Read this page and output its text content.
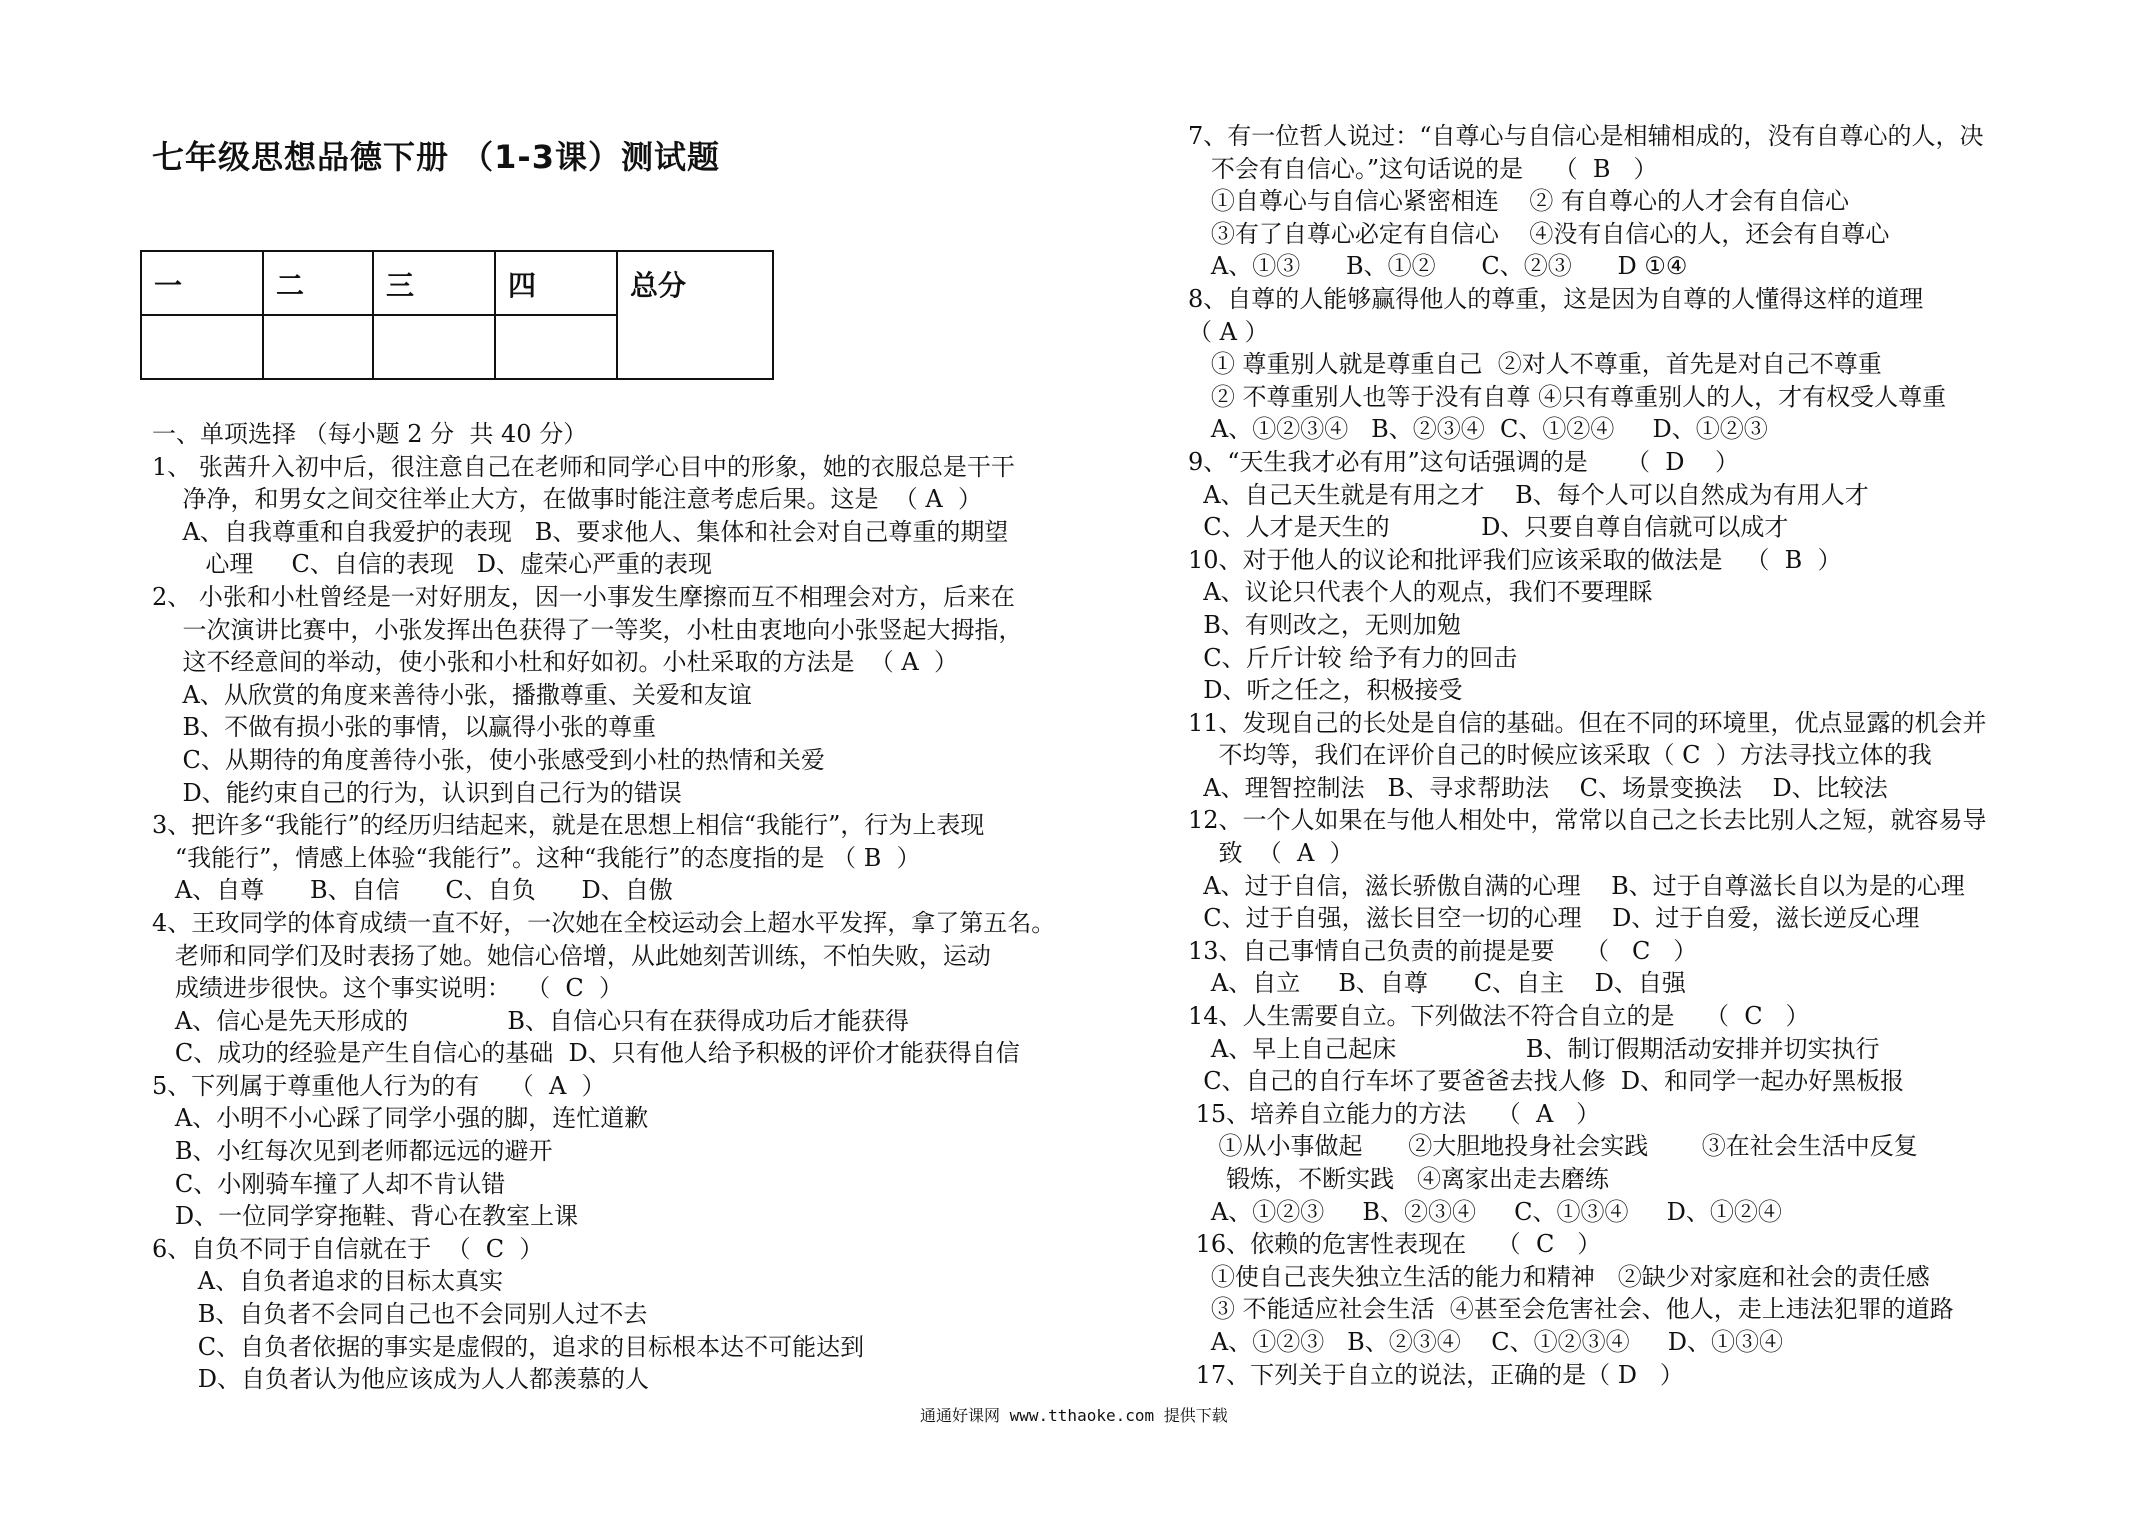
七年级思想品德下册 （1-3课）测试题
一	二	三	四	总分

一、单项选择 （每小题 2 分  共 40 分）
1、 张茜升入初中后，很注意自己在老师和同学心目中的形象，她的衣服总是干干
净净，和男女之间交往举止大方，在做事时能注意考虑后果。这是  （ A  ）
A、自我尊重和自我爱护的表现   B、要求他人、集体和社会对自己尊重的期望
心理     C、自信的表现   D、虚荣心严重的表现
2、 小张和小杜曾经是一对好朋友，因一小事发生摩擦而互不相理会对方，后来在
一次演讲比赛中，小张发挥出色获得了一等奖，小杜由衷地向小张竖起大拇指，
这不经意间的举动，使小张和小杜和好如初。小杜采取的方法是  （ A  ）
A、从欣赏的角度来善待小张，播撒尊重、关爱和友谊
B、不做有损小张的事情，以赢得小张的尊重
C、从期待的角度善待小张，使小张感受到小杜的热情和关爱
D、能约束自己的行为，认识到自己行为的错误
3、把许多“我能行”的经历归结起来，就是在思想上相信“我能行”，行为上表现
“我能行”，情感上体验“我能行”。这种“我能行”的态度指的是 （ B  ）
A、自尊      B、自信      C、自负      D、自傲
4、王玫同学的体育成绩一直不好，一次她在全校运动会上超水平发挥，拿了第五名。
老师和同学们及时表扬了她。她信心倍增，从此她刻苦训练，不怕失败，运动
成绩进步很快。这个事实说明：  （  C  ）
A、信心是先天形成的             B、自信心只有在获得成功后才能获得
C、成功的经验是产生自信心的基础  D、只有他人给予积极的评价才能获得自信
5、下列属于尊重他人行为的有    （  A  ）
A、小明不小心踩了同学小强的脚，连忙道歉
B、小红每次见到老师都远远的避开
C、小刚骑车撞了人却不肯认错
D、一位同学穿拖鞋、背心在教室上课
6、自负不同于自信就在于  （  C  ）
A、自负者追求的目标太真实
B、自负者不会同自己也不会同别人过不去
C、自负者依据的事实是虚假的，追求的目标根本达不可能达到
D、自负者认为他应该成为人人都羡慕的人
7、有一位哲人说过：“自尊心与自信心是相辅相成的，没有自尊心的人，决
不会有自信心。”这句话说的是    （  B   ）
①自尊心与自信心紧密相连    ② 有自尊心的人才会有自信心
③有了自尊心必定有自信心    ④没有自信心的人，还会有自尊心
A、①③      B、①②      C、②③      D ①④
8、自尊的人能够赢得他人的尊重，这是因为自尊的人懂得这样的道理
（ A ）
① 尊重别人就是尊重自己  ②对人不尊重，首先是对自己不尊重
② 不尊重别人也等于没有自尊 ④只有尊重别人的人，才有权受人尊重
A、①②③④   B、②③④  C、①②④     D、①②③
9、“天生我才必有用”这句话强调的是     （  D    ）
A、自己天生就是有用之才    B、每个人可以自然成为有用人才
C、人才是天生的            D、只要自尊自信就可以成才
10、对于他人的议论和批评我们应该采取的做法是   （  B  ）
A、议论只代表个人的观点，我们不要理睬
B、有则改之，无则加勉
C、斤斤计较 给予有力的回击
D、听之任之，积极接受
11、发现自己的长处是自信的基础。但在不同的环境里，优点显露的机会并
不均等，我们在评价自己的时候应该采取（ C  ）方法寻找立体的我
A、理智控制法   B、寻求帮助法    C、场景变换法    D、比较法
12、一个人如果在与他人相处中，常常以自己之长去比别人之短，就容易导
致  （  A  ）
A、过于自信，滋长骄傲自满的心理    B、过于自尊滋长自以为是的心理
C、过于自强，滋长目空一切的心理    D、过于自爱，滋长逆反心理
13、自己事情自己负责的前提是要    （   C   ）
A、自立     B、自尊      C、自主    D、自强
14、人生需要自立。下列做法不符合自立的是    （  C   ）
A、早上自己起床                 B、制订假期活动安排并切实执行
C、自己的自行车坏了要爸爸去找人修  D、和同学一起办好黑板报
15、培养自立能力的方法    （  A   ）
①从小事做起      ②大胆地投身社会实践       ③在社会生活中反复
锻炼，不断实践   ④离家出走去磨练
A、①②③     B、②③④     C、①③④     D、①②④
16、依赖的危害性表现在    （  C   ）
①使自己丧失独立生活的能力和精神   ②缺少对家庭和社会的责任感
③ 不能适应社会生活  ④甚至会危害社会、他人，走上违法犯罪的道路
A、①②③   B、②③④    C、①②③④     D、①③④
17、下列关于自立的说法，正确的是（ D   ）
通通好课网 www.tthaoke.com 提供下载
